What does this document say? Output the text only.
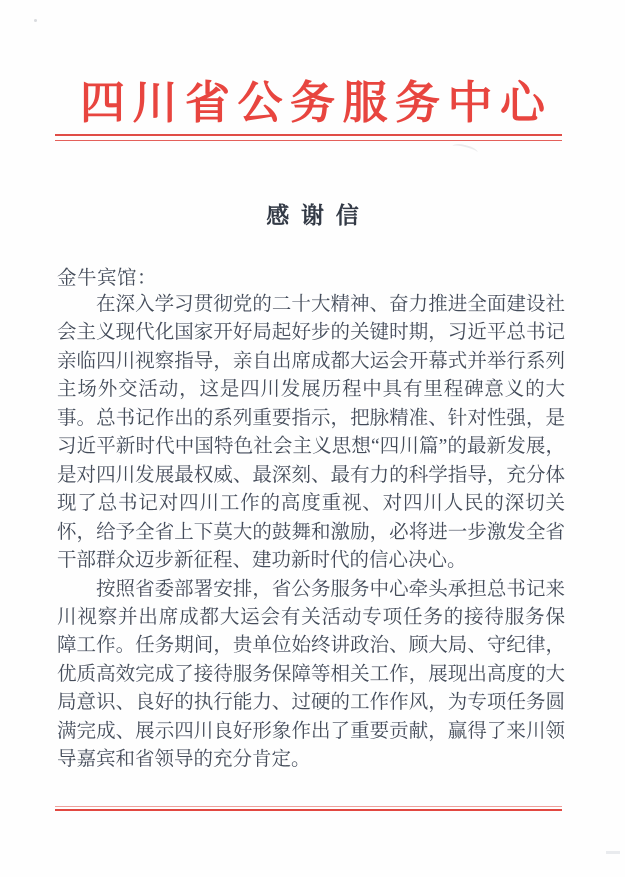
四川省公务服务中心
感 谢 信
金牛宾馆：
在深入学习贯彻党的二十大精神、奋力推进全面建设社
会主义现代化国家开好局起好步的关键时期，习近平总书记
亲临四川视察指导，亲自出席成都大运会开幕式并举行系列
主场外交活动，这是四川发展历程中具有里程碑意义的大
事。总书记作出的系列重要指示，把脉精准、针对性强，是
习近平新时代中国特色社会主义思想“四川篇”的最新发展，
是对四川发展最权威、最深刻、最有力的科学指导，充分体
现了总书记对四川工作的高度重视、对四川人民的深切关
怀，给予全省上下莫大的鼓舞和激励，必将进一步激发全省
干部群众迈步新征程、建功新时代的信心决心。
按照省委部署安排，省公务服务中心牵头承担总书记来
川视察并出席成都大运会有关活动专项任务的接待服务保
障工作。任务期间，贵单位始终讲政治、顾大局、守纪律，
优质高效完成了接待服务保障等相关工作，展现出高度的大
局意识、良好的执行能力、过硬的工作作风，为专项任务圆
满完成、展示四川良好形象作出了重要贡献，赢得了来川领
导嘉宾和省领导的充分肯定。
